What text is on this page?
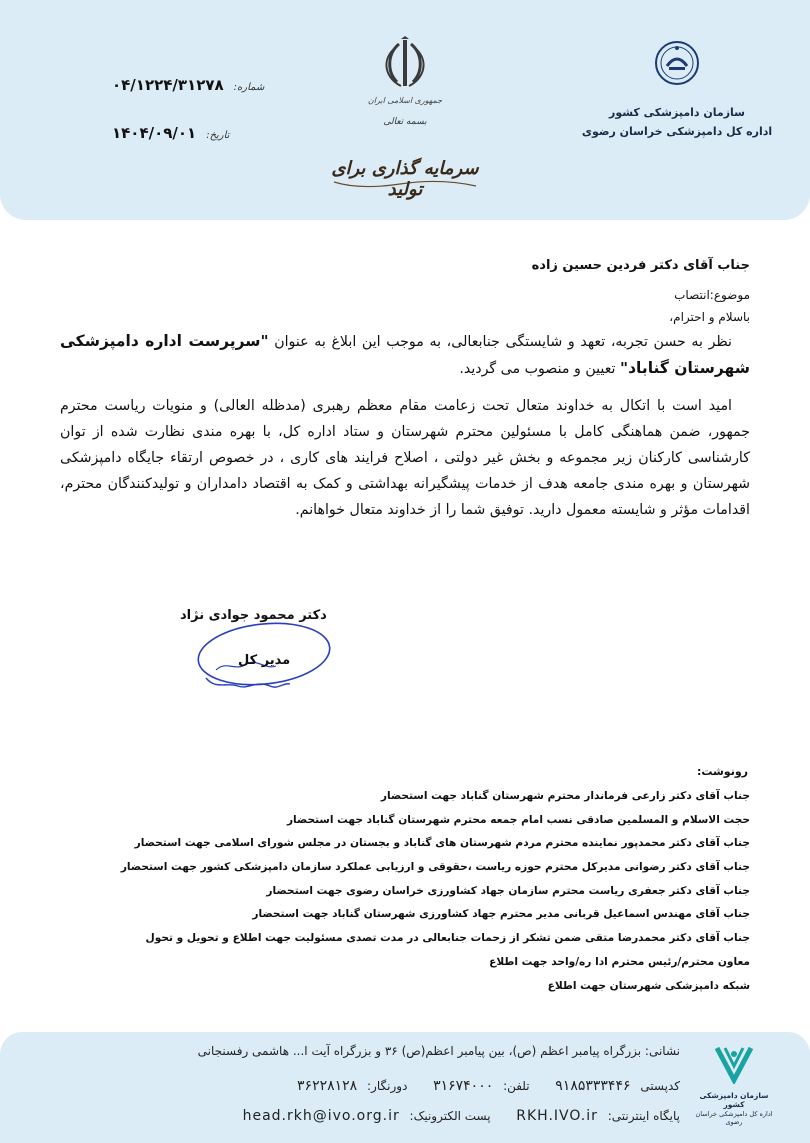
سازمان دامپزشکی کشور
اداره کل دامپزشکی خراسان رضوی
جمهوری اسلامی ایران
بسمه تعالی
سرمایه گذاری برای تولید
شماره:
۰۴/۱۲۲۴/۳۱۲۷۸
تاریخ:
۱۴۰۴/۰۹/۰۱
جناب آقای دکتر فردین حسین زاده
موضوع:انتصاب
باسلام و احترام،
نظر به حسن تجربه، تعهد و شایستگی جنابعالی، به موجب این ابلاغ به عنوان "سرپرست اداره دامپزشکی شهرستان گناباد" تعیین و منصوب می گردید.
امید است با اتکال به خداوند متعال تحت زعامت مقام معظم رهبری (مدظله العالی) و منویات ریاست محترم جمهور، ضمن هماهنگی کامل با مسئولین محترم شهرستان و ستاد اداره کل، با بهره مندی نظارت شده از توان کارشناسی کارکنان زیر مجموعه و بخش غیر دولتی ، اصلاح فرایند های کاری ، در خصوص ارتقاء جایگاه دامپزشکی شهرستان و بهره مندی جامعه هدف از خدمات پیشگیرانه بهداشتی و کمک به اقتصاد دامداران و تولیدکنندگان محترم، اقدامات مؤثر و شایسته معمول دارید. توفیق شما را از خداوند متعال خواهانم.
دکتر محمود جوادی نژاد
مدیر کل
رونوشت:
جناب آقای دکتر زارعی فرماندار محترم شهرستان گناباد جهت استحضار
حجت الاسلام و المسلمین صادقی نسب امام جمعه محترم شهرستان گناباد جهت استحضار
جناب آقای دکتر محمدپور نماینده محترم مردم شهرستان های گناباد و بجستان در مجلس شورای اسلامی جهت استحضار
جناب آقای دکتر رضوانی مدیرکل محترم حوزه ریاست ،حقوقی و ارزیابی عملکرد سازمان دامپزشکی کشور جهت استحضار
جناب آقای دکتر جعفری ریاست محترم سازمان جهاد کشاورزی خراسان رضوی جهت استحضار
جناب آقای مهندس اسماعیل قربانی مدیر محترم جهاد کشاورزی شهرستان گناباد جهت استحضار
جناب آقای دکتر محمدرضا متقی ضمن تشکر از زحمات جنابعالی در مدت تصدی مسئولیت جهت اطلاع و تحویل و تحول
معاون محترم/رئیس محترم ادا ره/واحد جهت اطلاع
شبکه دامپزشکی شهرستان جهت اطلاع
سازمان دامپزشکی کشور
اداره کل دامپزشکی خراسان رضوی
نشانی: بزرگراه پیامبر اعظم (ص)، بین پیامبر اعظم(ص) ۳۶ و بزرگراه آیت ا... هاشمی رفسنجانی
کدپستی ۹۱۸۵۳۳۳۴۴۶  تلفن: ۳۱۶۷۴۰۰۰  دورنگار: ۳۶۲۲۸۱۲۸
پایگاه اینترنتی: RKH.IVO.ir  پست الکترونیک: head.rkh@ivo.org.ir
